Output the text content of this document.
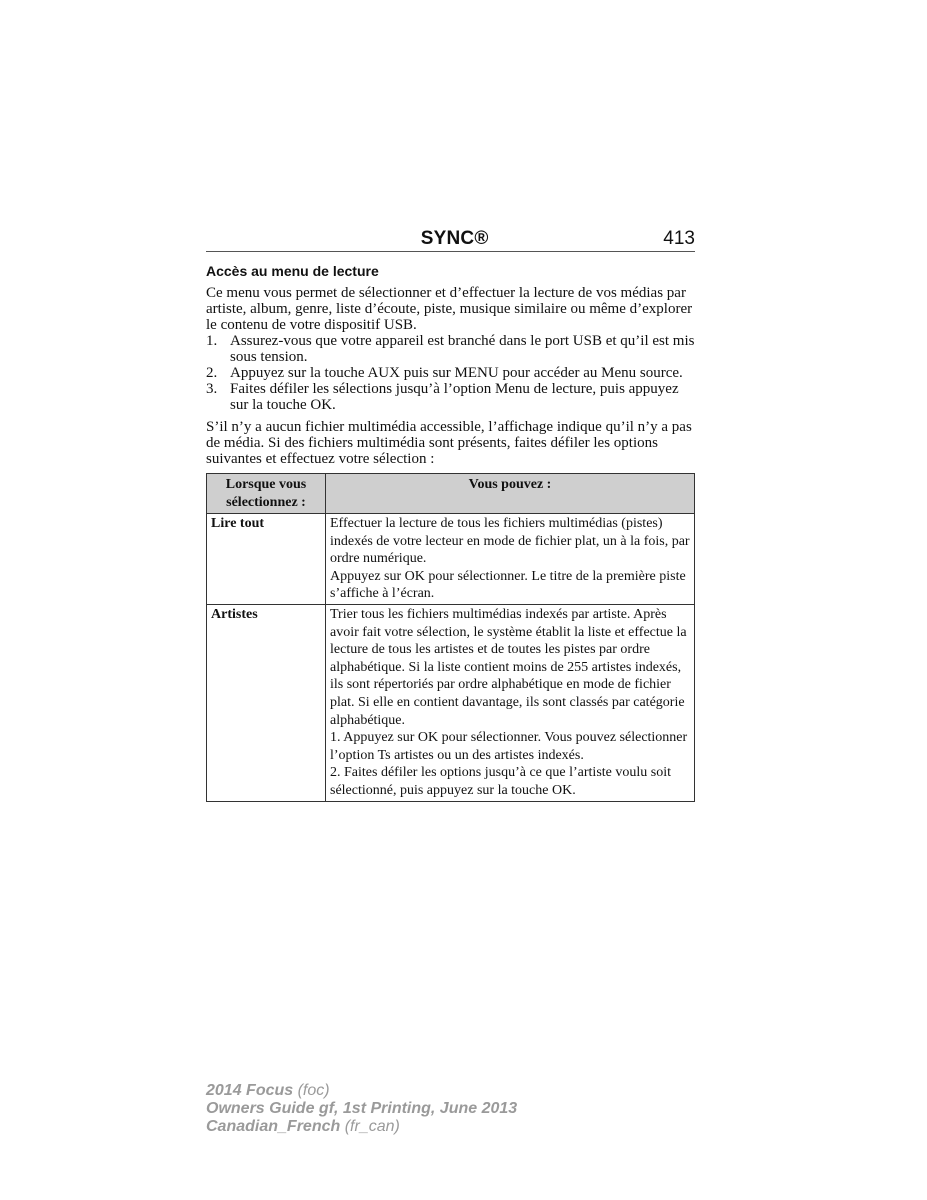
SYNC®	413
Accès au menu de lecture

Ce menu vous permet de sélectionner et d’effectuer la lecture de vos médias par artiste, album, genre, liste d’écoute, piste, musique similaire ou même d’explorer le contenu de votre dispositif USB.

1. Assurez-vous que votre appareil est branché dans le port USB et qu’il est mis sous tension.
2. Appuyez sur la touche AUX puis sur MENU pour accéder au Menu source.
3. Faites défiler les sélections jusqu’à l’option Menu de lecture, puis appuyez sur la touche OK.

S’il n’y a aucun fichier multimédia accessible, l’affichage indique qu’il n’y a pas de média. Si des fichiers multimédia sont présents, faites défiler les options suivantes et effectuez votre sélection :

Lorsque vous sélectionnez :	Vous pouvez :
Lire tout	Effectuer la lecture de tous les fichiers multimédias (pistes) indexés de votre lecteur en mode de fichier plat, un à la fois, par ordre numérique.
Appuyez sur OK pour sélectionner. Le titre de la première piste s’affiche à l’écran.

Artistes	Trier tous les fichiers multimédias indexés par artiste. Après avoir fait votre sélection, le système établit la liste et effectue la lecture de tous les artistes et de toutes les pistes par ordre alphabétique. Si la liste contient moins de 255 artistes indexés, ils sont répertoriés par ordre alphabétique en mode de fichier plat. Si elle en contient davantage, ils sont classés par catégorie alphabétique.
1. Appuyez sur OK pour sélectionner. Vous pouvez sélectionner l’option Ts artistes ou un des artistes indexés.
2. Faites défiler les options jusqu’à ce que l’artiste voulu soit sélectionné, puis appuyez sur la touche OK.
2014 Focus (foc)
Owners Guide gf, 1st Printing, June 2013
Canadian_French (fr_can)
